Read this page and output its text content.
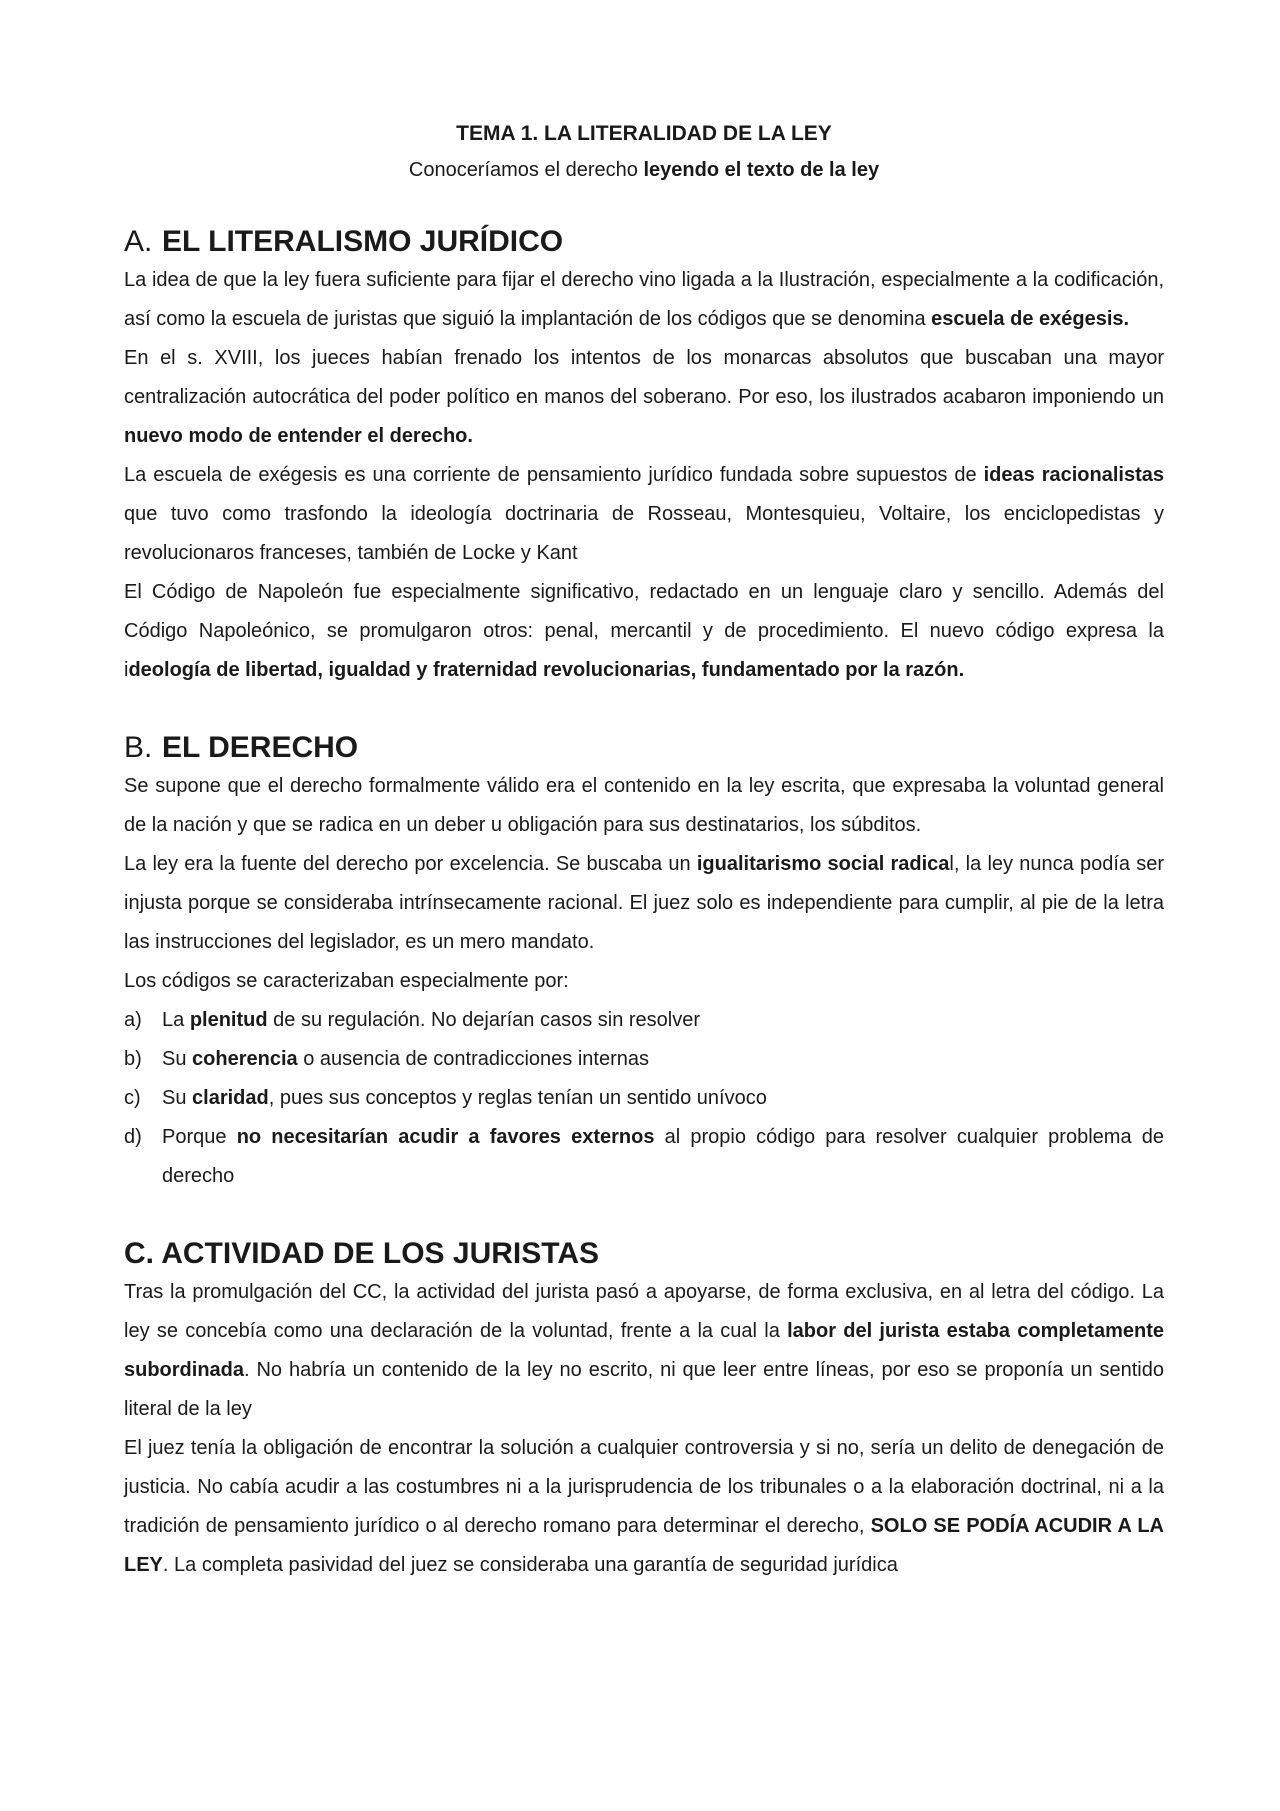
TEMA 1. LA LITERALIDAD DE LA LEY
Conoceríamos el derecho leyendo el texto de la ley
A. EL LITERALISMO JURÍDICO

La idea de que la ley fuera suficiente para fijar el derecho vino ligada a la Ilustración, especialmente a la codificación, así como la escuela de juristas que siguió la implantación de los códigos que se denomina escuela de exégesis.

En el s. XVIII, los jueces habían frenado los intentos de los monarcas absolutos que buscaban una mayor centralización autocrática del poder político en manos del soberano. Por eso, los ilustrados acabaron imponiendo un nuevo modo de entender el derecho.

La escuela de exégesis es una corriente de pensamiento jurídico fundada sobre supuestos de ideas racionalistas que tuvo como trasfondo la ideología doctrinaria de Rosseau, Montesquieu, Voltaire, los enciclopedistas y revolucionaros franceses, también de Locke y Kant

El Código de Napoleón fue especialmente significativo, redactado en un lenguaje claro y sencillo. Además del Código Napoleónico, se promulgaron otros: penal, mercantil y de procedimiento. El nuevo código expresa la ideología de libertad, igualdad y fraternidad revolucionarias, fundamentado por la razón.

B. EL DERECHO

Se supone que el derecho formalmente válido era el contenido en la ley escrita, que expresaba la voluntad general de la nación y que se radica en un deber u obligación para sus destinatarios, los súbditos.

La ley era la fuente del derecho por excelencia. Se buscaba un igualitarismo social radical, la ley nunca podía ser injusta porque se consideraba intrínsecamente racional. El juez solo es independiente para cumplir, al pie de la letra las instrucciones del legislador, es un mero mandato.

Los códigos se caracterizaban especialmente por:

a)	La plenitud de su regulación. No dejarían casos sin resolver
b)	Su coherencia o ausencia de contradicciones internas
c)	Su claridad, pues sus conceptos y reglas tenían un sentido unívoco
d)	Porque no necesitarían acudir a favores externos al propio código para resolver cualquier problema de derecho
C. ACTIVIDAD DE LOS JURISTAS

Tras la promulgación del CC, la actividad del jurista pasó a apoyarse, de forma exclusiva, en al letra del código. La ley se concebía como una declaración de la voluntad, frente a la cual la labor del jurista estaba completamente subordinada. No habría un contenido de la ley no escrito, ni que leer entre líneas, por eso se proponía un sentido literal de la ley

El juez tenía la obligación de encontrar la solución a cualquier controversia y si no, sería un delito de denegación de justicia. No cabía acudir a las costumbres ni a la jurisprudencia de los tribunales o a la elaboración doctrinal, ni a la tradición de pensamiento jurídico o al derecho romano para determinar el derecho, SOLO SE PODÍA ACUDIR A LA LEY. La completa pasividad del juez se consideraba una garantía de seguridad jurídica
